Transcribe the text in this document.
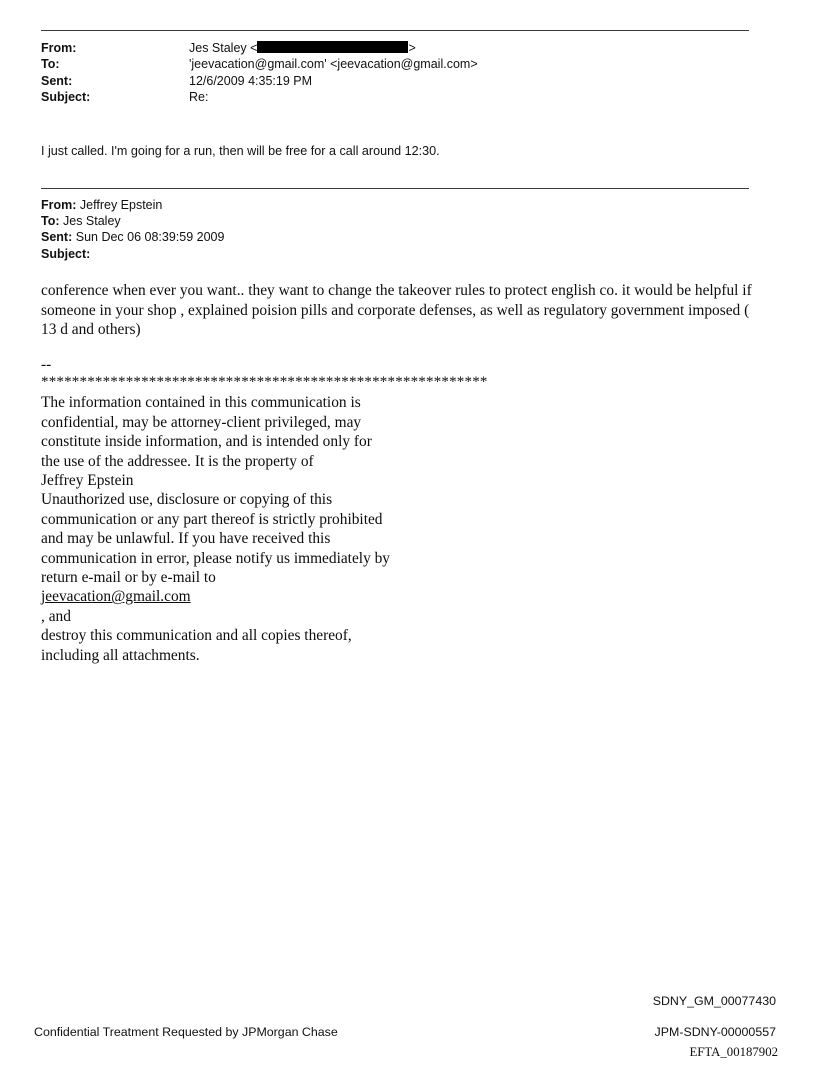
From:	Jes Staley < >
To:	'jeevacation@gmail.com' <jeevacation@gmail.com>
Sent:	12/6/2009 4:35:19 PM
Subject:	Re:
I just called. I'm going for a run, then will be free for a call around 12:30.
From: Jeffrey Epstein
To: Jes Staley
Sent: Sun Dec 06 08:39:59 2009
Subject:
conference when ever you want.. they want to change the takeover rules to protect english co. it would be helpful if someone in your shop , explained poision pills and corporate defenses, as well as regulatory government imposed ( 13 d and others)
--
**********************************************************
The information contained in this communication is
confidential, may be attorney-client privileged, may
constitute inside information, and is intended only for
the use of the addressee. It is the property of
Jeffrey Epstein
Unauthorized use, disclosure or copying of this
communication or any part thereof is strictly prohibited
and may be unlawful. If you have received this
communication in error, please notify us immediately by
return e-mail or by e-mail to
jeevacation@gmail.com
, and
destroy this communication and all copies thereof,
including all attachments.
SDNY_GM_00077430
Confidential Treatment Requested by JPMorgan Chase	JPM-SDNY-00000557
EFTA_00187902
